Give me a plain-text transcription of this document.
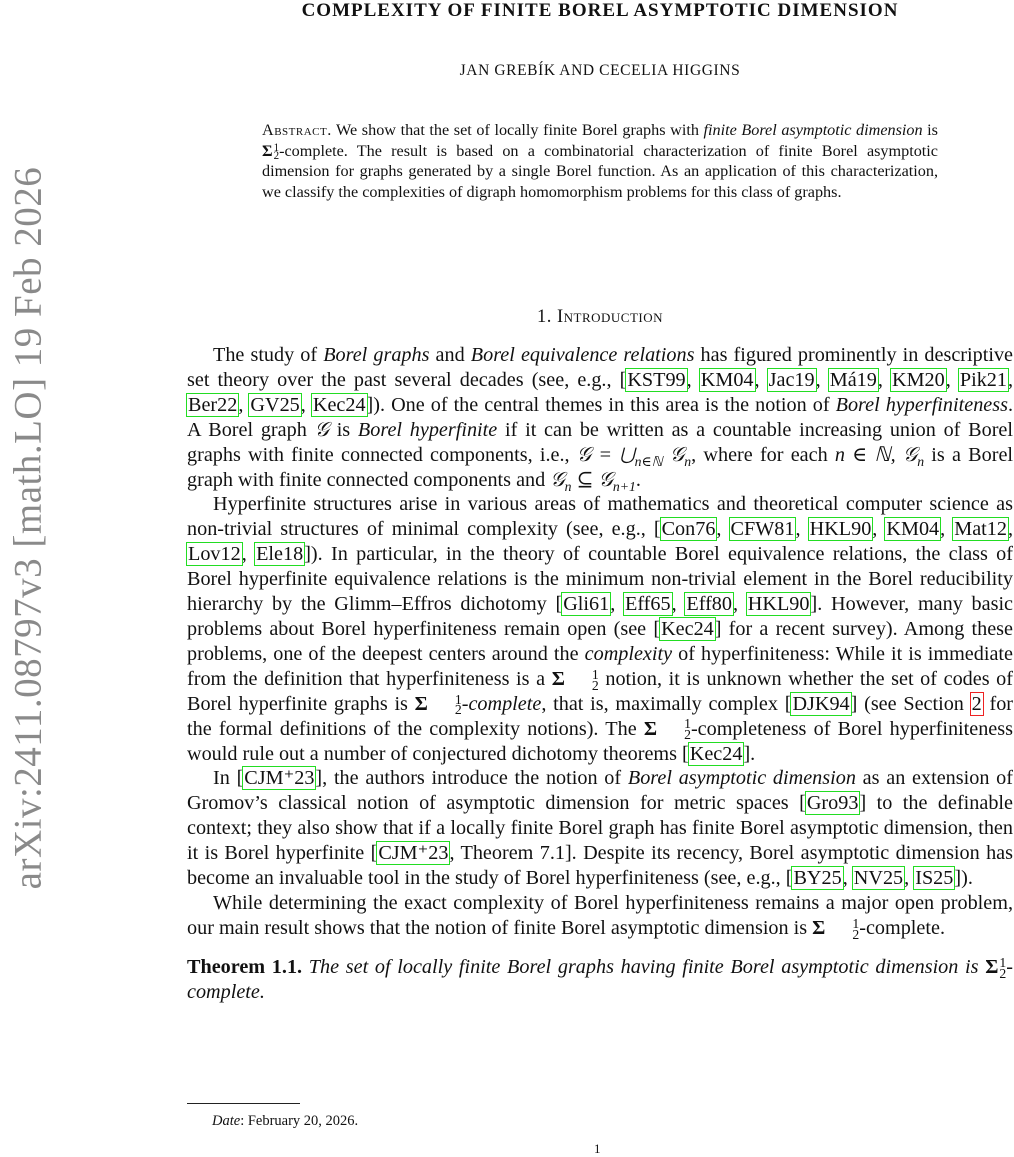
arXiv:2411.08797v3 [math.LO] 19 Feb 2026
COMPLEXITY OF FINITE BOREL ASYMPTOTIC DIMENSION
JAN GREBÍK AND CECELIA HIGGINS
Abstract. We show that the set of locally finite Borel graphs with finite Borel asymptotic dimension is Σ 1
2 -complete. The result is based on a combinatorial characterization of finite Borel asymptotic dimension for graphs generated by a single Borel function. As an application of this characterization, we classify the complexities of digraph homomorphism problems for this class of graphs.
1. Introduction

The study of Borel graphs and Borel equivalence relations has figured prominently in descriptive set theory over the past several decades (see, e.g., [KST99, KM04, Jac19, Má19, KM20, Pik21, Ber22, GV25, Kec24]). One of the central themes in this area is the notion of Borel hyperfiniteness. A Borel graph 𝒢 is Borel hyperfinite if it can be written as a countable increasing union of Borel graphs with finite connected components, i.e., 𝒢 = $⋃_{n\in ℕ}$ 𝒢$_n$, where for each n ∈ ℕ, 𝒢$_n$ is a Borel graph with finite connected components and 𝒢$_n$ ⊆ 𝒢$_{n+1}$.

Hyperfinite structures arise in various areas of mathematics and theoretical computer science as non-trivial structures of minimal complexity (see, e.g., [Con76, CFW81, HKL90, KM04, Mat12, Lov12, Ele18]). In particular, in the theory of countable Borel equivalence relations, the class of Borel hyperfinite equivalence relations is the minimum non-trivial element in the Borel reducibility hierarchy by the Glimm–Effros dichotomy [Gli61, Eff65, Eff80, HKL90]. However, many basic problems about Borel hyperfiniteness remain open (see [Kec24] for a recent survey). Among these problems, one of the deepest centers around the complexity of hyperfiniteness: While it is immediate from the definition that hyperfiniteness is a Σ	1
2 notion, it is unknown whether the set of codes of Borel hyperfinite graphs is Σ	1
2 -complete, that is, maximally complex [DJK94] (see Section 2 for the formal definitions of the complexity notions). The Σ	1
2 -completeness of Borel hyperfiniteness would rule out a number of conjectured dichotomy theorems [Kec24].

In [CJM⁺23], the authors introduce the notion of Borel asymptotic dimension as an extension of Gromov’s classical notion of asymptotic dimension for metric spaces [Gro93] to the definable context; they also show that if a locally finite Borel graph has finite Borel asymptotic dimension, then it is Borel hyperfinite [CJM⁺23, Theorem 7.1]. Despite its recency, Borel asymptotic dimension has become an invaluable tool in the study of Borel hyperfiniteness (see, e.g., [BY25, NV25, IS25]).

While determining the exact complexity of Borel hyperfiniteness remains a major open problem, our main result shows that the notion of finite Borel asymptotic dimension is Σ	1
2 -complete.

Theorem 1.1. The set of locally finite Borel graphs having finite Borel asymptotic dimension is Σ 1
2 -complete.

Date: February 20, 2026.
1
